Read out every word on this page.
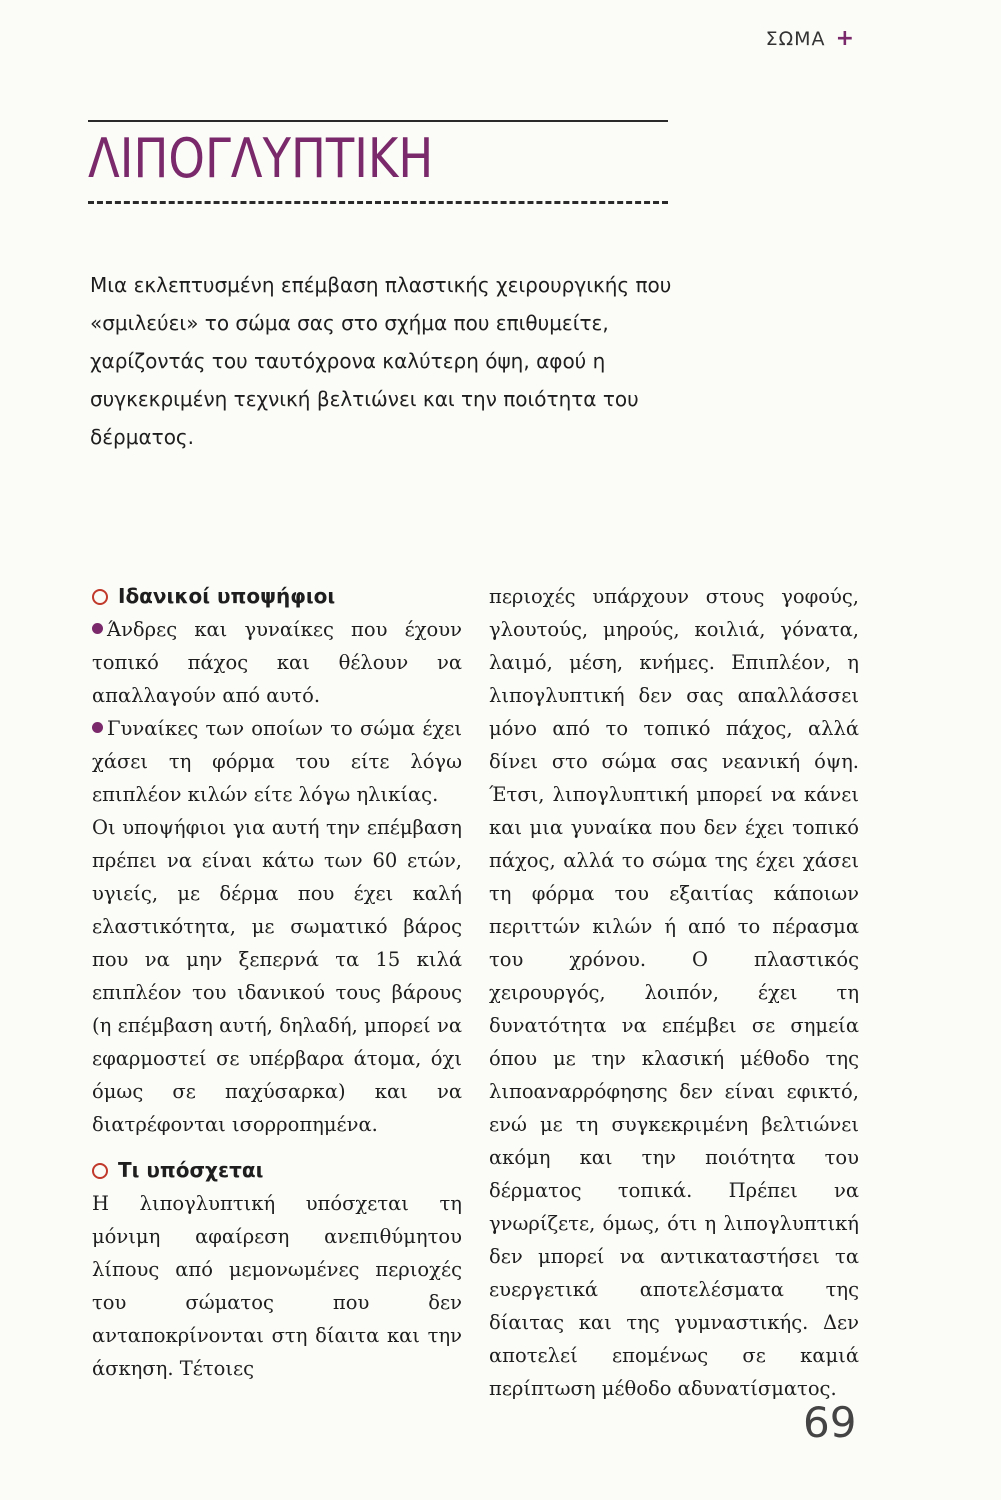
ΣΩΜΑ +
ΛΙΠΟΓΛΥΠΤΙΚΗ

Μια εκλεπτυσμένη επέμβαση πλαστικής χειρουργικής που «σμιλεύει» το σώμα σας στο σχήμα που επιθυμείτε, χαρίζοντάς του ταυτόχρονα καλύτερη όψη, αφού η συγκεκριμένη τεχνική βελτιώνει και την ποιότητα του δέρματος.

Ιδανικοί υποψήφιοι

Άνδρες και γυναίκες που έχουν τοπικό πάχος και θέλουν να απαλλαγούν από αυτό.

Γυναίκες των οποίων το σώμα έχει χάσει τη φόρμα του είτε λόγω επιπλέον κιλών είτε λόγω ηλικίας.

Οι υποψήφιοι για αυτή την επέμβαση πρέπει να είναι κάτω των 60 ετών, υγιείς, με δέρμα που έχει καλή ελαστικότητα, με σωματικό βάρος που να μην ξεπερνά τα 15 κιλά επιπλέον του ιδανικού τους βάρους (η επέμβαση αυτή, δηλαδή, μπορεί να εφαρμοστεί σε υπέρβαρα άτομα, όχι όμως σε παχύσαρκα) και να διατρέφονται ισορροπημένα.

Τι υπόσχεται

Η λιπογλυπτική υπόσχεται τη μόνιμη αφαίρεση ανεπιθύμητου λίπους από μεμονωμένες περιοχές του σώματος που δεν ανταποκρίνονται στη δίαιτα και την άσκηση. Τέτοιες

περιοχές υπάρχουν στους γοφούς, γλουτούς, μηρούς, κοιλιά, γόνατα, λαιμό, μέση, κνήμες. Επιπλέον, η λιπογλυπτική δεν σας απαλλάσσει μόνο από το τοπικό πάχος, αλλά δίνει στο σώμα σας νεανική όψη. Έτσι, λιπογλυπτική μπορεί να κάνει και μια γυναίκα που δεν έχει τοπικό πάχος, αλλά το σώμα της έχει χάσει τη φόρμα του εξαιτίας κάποιων περιττών κιλών ή από το πέρασμα του χρόνου. Ο πλαστικός χειρουργός, λοιπόν, έχει τη δυνατότητα να επέμβει σε σημεία όπου με την κλασική μέθοδο της λιποαναρρόφησης δεν είναι εφικτό, ενώ με τη συγκεκριμένη βελτιώνει ακόμη και την ποιότητα του δέρματος τοπικά. Πρέπει να γνωρίζετε, όμως, ότι η λιπογλυπτική δεν μπορεί να αντικαταστήσει τα ευεργετικά αποτελέσματα της δίαιτας και της γυμναστικής. Δεν αποτελεί επομένως σε καμιά περίπτωση μέθοδο αδυνατίσματος.

69
